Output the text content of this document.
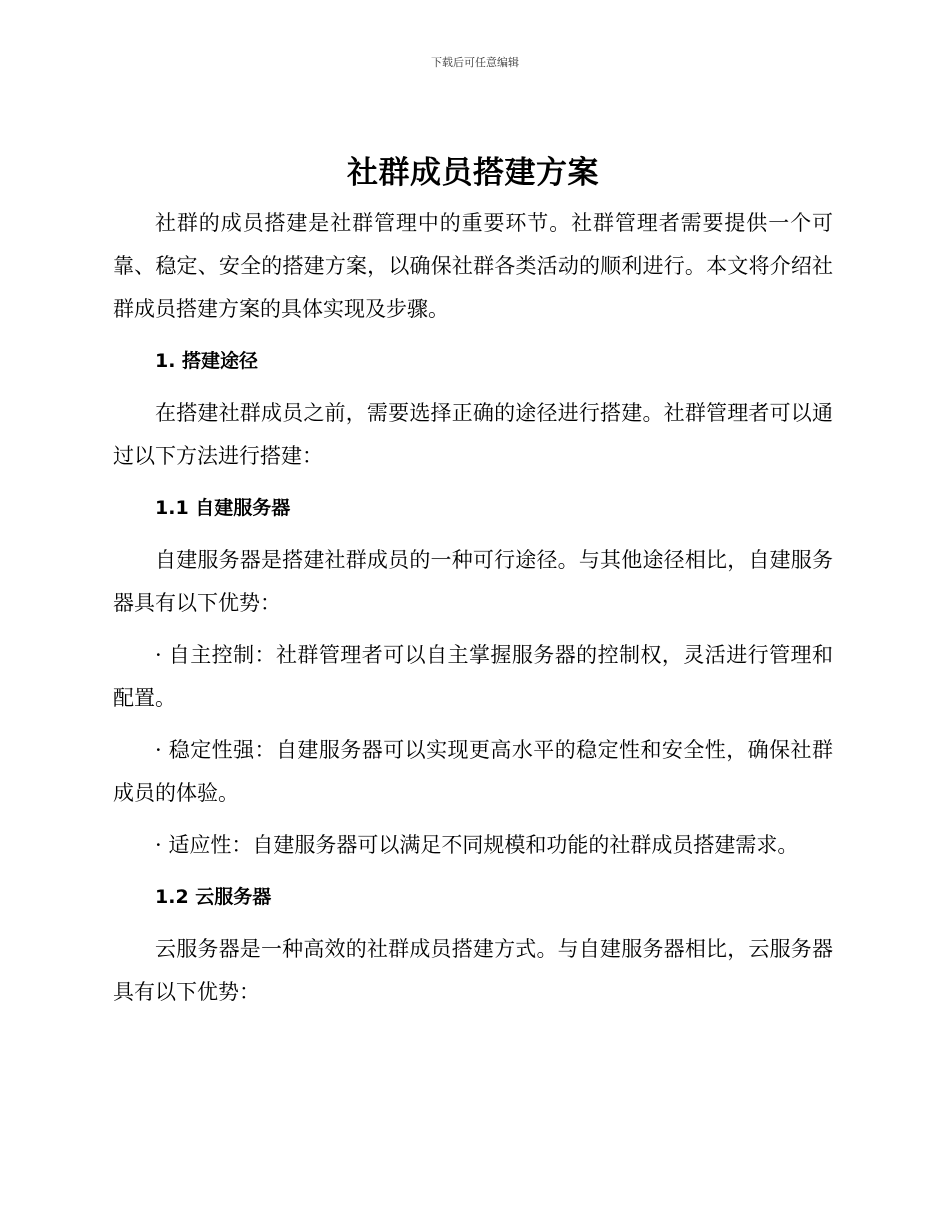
下载后可任意编辑
社群成员搭建方案

社群的成员搭建是社群管理中的重要环节。社群管理者需要提供一个可靠、稳定、安全的搭建方案，以确保社群各类活动的顺利进行。本文将介绍社群成员搭建方案的具体实现及步骤。

1. 搭建途径

在搭建社群成员之前，需要选择正确的途径进行搭建。社群管理者可以通过以下方法进行搭建：

1.1 自建服务器

自建服务器是搭建社群成员的一种可行途径。与其他途径相比，自建服务器具有以下优势：

· 自主控制：社群管理者可以自主掌握服务器的控制权，灵活进行管理和配置。

· 稳定性强：自建服务器可以实现更高水平的稳定性和安全性，确保社群成员的体验。

· 适应性：自建服务器可以满足不同规模和功能的社群成员搭建需求。

1.2 云服务器

云服务器是一种高效的社群成员搭建方式。与自建服务器相比，云服务器具有以下优势：
